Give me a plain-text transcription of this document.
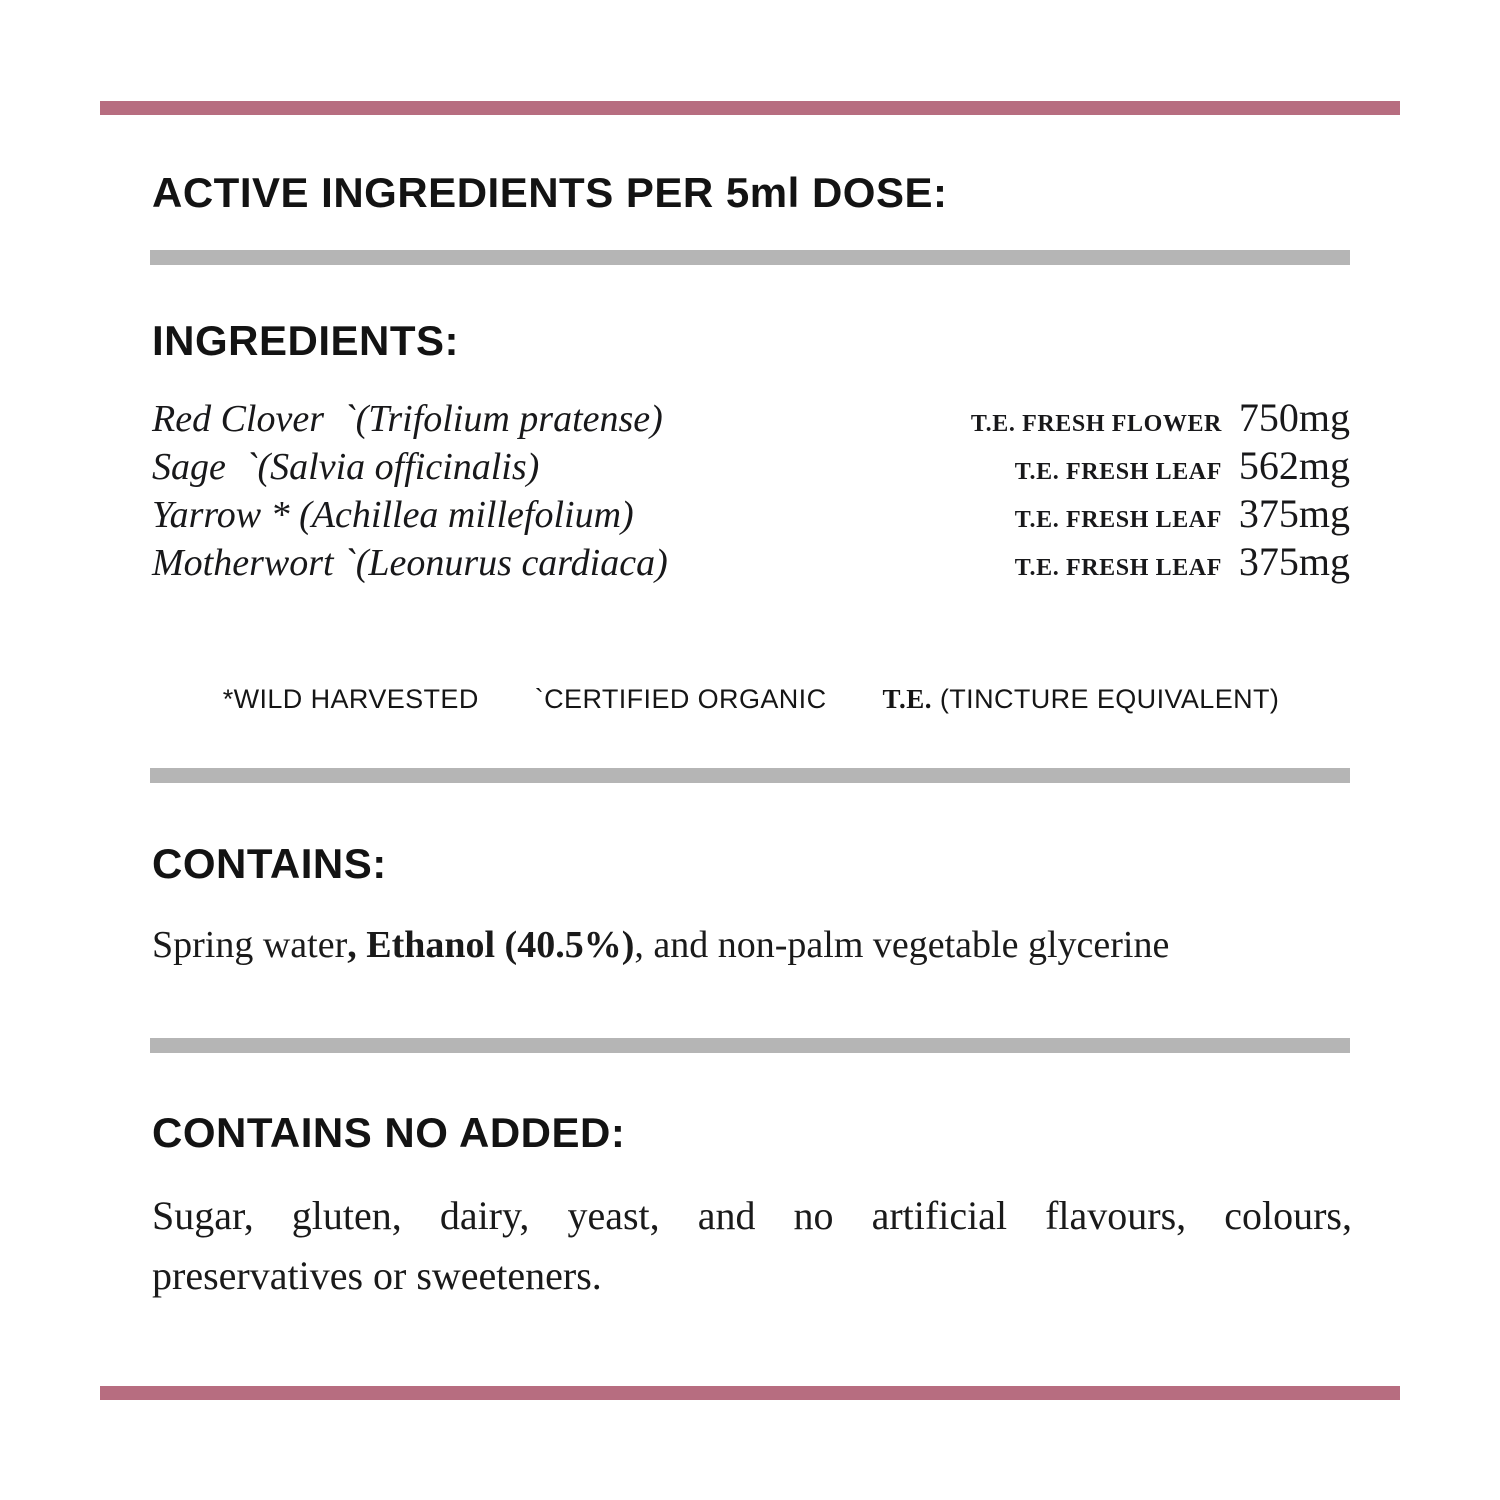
ACTIVE INGREDIENTS PER 5ml DOSE:
INGREDIENTS:
Red Clover  `(Trifolium pratense)	T.E. FRESH FLOWER 750mg
Sage  `(Salvia officinalis)	T.E. FRESH LEAF 562mg
Yarrow * (Achillea millefolium)	T.E. FRESH LEAF 375mg
Motherwort `(Leonurus cardiaca)	T.E. FRESH LEAF 375mg
*WILD HARVESTED `CERTIFIED ORGANIC T.E. (TINCTURE EQUIVALENT)
CONTAINS:
Spring water, Ethanol (40.5%), and non-palm vegetable glycerine
CONTAINS NO ADDED:
Sugar, gluten, dairy, yeast, and no artificial flavours, colours,
preservatives or sweeteners.
